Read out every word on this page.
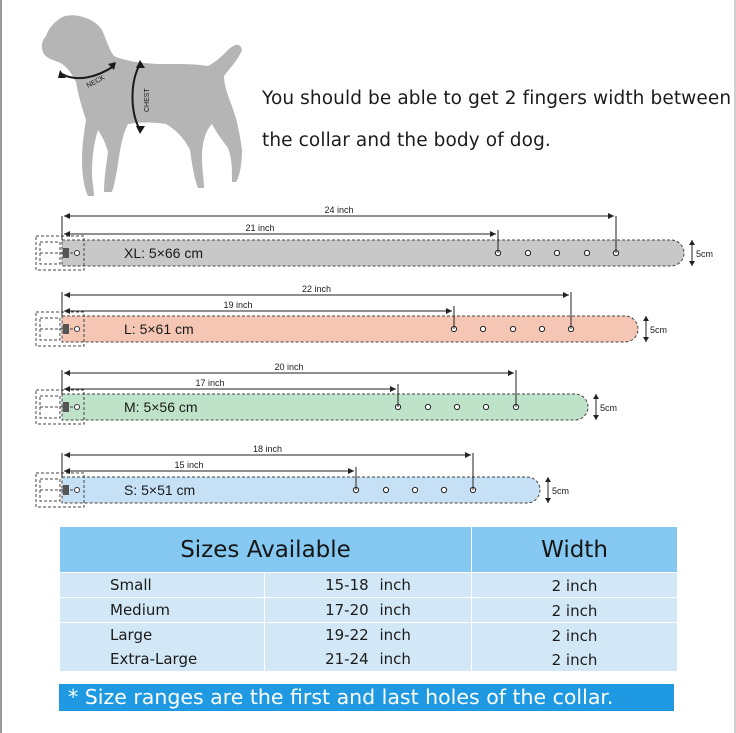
NECK
CHEST	You should be able to get 2 fingers width between
the collar and the body of dog.
XL: 5×66 cm
24 inch
21 inch
5cm
L: 5×61 cm
22 inch
19 inch
5cm
M: 5×56 cm
20 inch
17 inch
5cm
S: 5×51 cm
18 inch
15 inch
5cm
Sizes Available	Width
Small	15-18 inch	2 inch
Medium	17-20 inch	2 inch
Large	19-22 inch	2 inch
Extra-Large	21-24 inch	2 inch
* Size ranges are the first and last holes of the collar.
